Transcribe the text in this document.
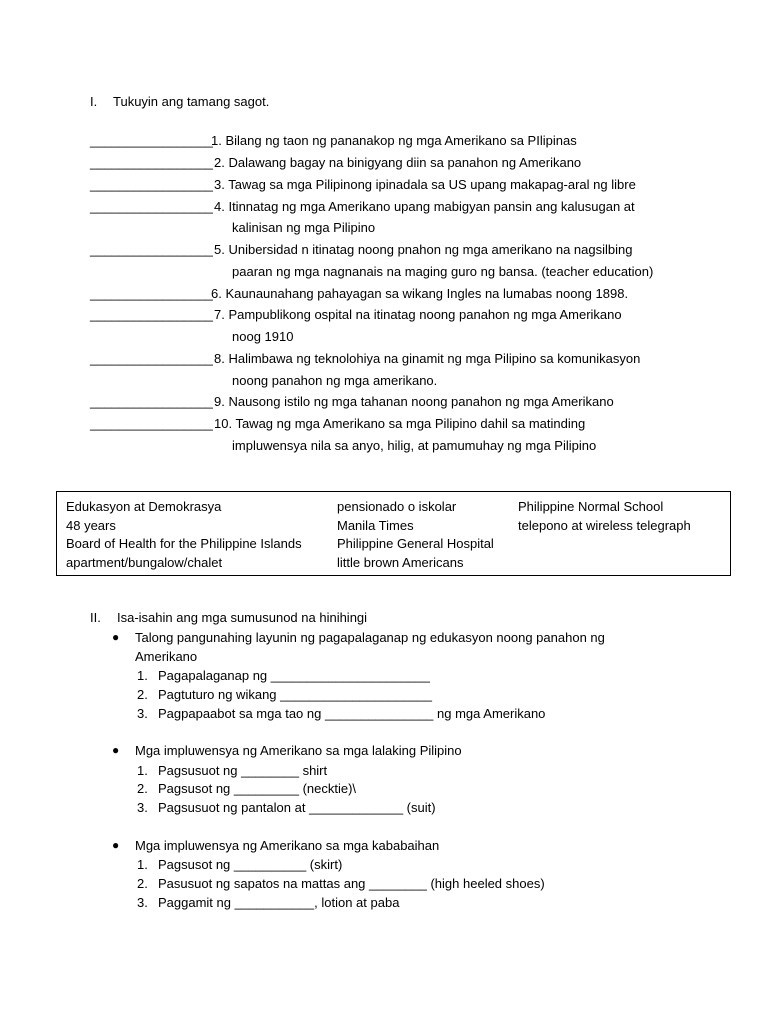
I. Tukuyin ang tamang sagot.
_________________
1. Bilang ng taon ng pananakop ng mga Amerikano sa PIlipinas
_________________ 2. Dalawang bagay na binigyang diin sa panahon ng Amerikano
_________________ 3. Tawag sa mga Pilipinong ipinadala sa US upang makapag-aral ng libre
_________________ 4. Itinnatag ng mga Amerikano upang mabigyan pansin ang kalusugan at
kalinisan ng mga Pilipino
_________________ 5. Unibersidad n itinatag noong pnahon ng mga amerikano na nagsilbing
paaran ng mga nagnanais na maging guro ng bansa. (teacher education)
_________________
6. Kaunaunahang pahayagan sa wikang Ingles na lumabas noong 1898.
_________________ 7. Pampublikong ospital na itinatag noong panahon ng mga Amerikano
noog 1910
_________________ 8. Halimbawa ng teknolohiya na ginamit ng mga Pilipino sa komunikasyon
noong panahon ng mga amerikano.
_________________ 9. Nausong istilo ng mga tahanan noong panahon ng mga Amerikano
_________________ 10. Tawag ng mga Amerikano sa mga Pilipino dahil sa matinding
impluwensya nila sa anyo, hilig, at pamumuhay ng mga Pilipino
Edukasyon at Demokrasya
48 years
Board of Health for the Philippine Islands
apartment/bungalow/chalet
pensionado o iskolar
Manila Times
Philippine General Hospital
little brown Americans
Philippine Normal School
telepono at wireless telegraph
II. Isa-isahin ang mga sumusunod na hinihingi
● Talong pangunahing layunin ng pagapalaganap ng edukasyon noong panahon ng
Amerikano
1. Pagapalaganap ng ______________________
2. Pagtuturo ng wikang _____________________
3. Pagpapaabot sa mga tao ng _______________ ng mga Amerikano
● Mga impluwensya ng Amerikano sa mga lalaking Pilipino
1. Pagsusuot ng ________ shirt
2. Pagsusot ng _________ (necktie)\
3. Pagsusuot ng pantalon at _____________ (suit)
● Mga impluwensya ng Amerikano sa mga kababaihan
1. Pagsusot ng __________ (skirt)
2. Pasusuot ng sapatos na mattas ang ________ (high heeled shoes)
3. Paggamit ng ___________, lotion at paba
